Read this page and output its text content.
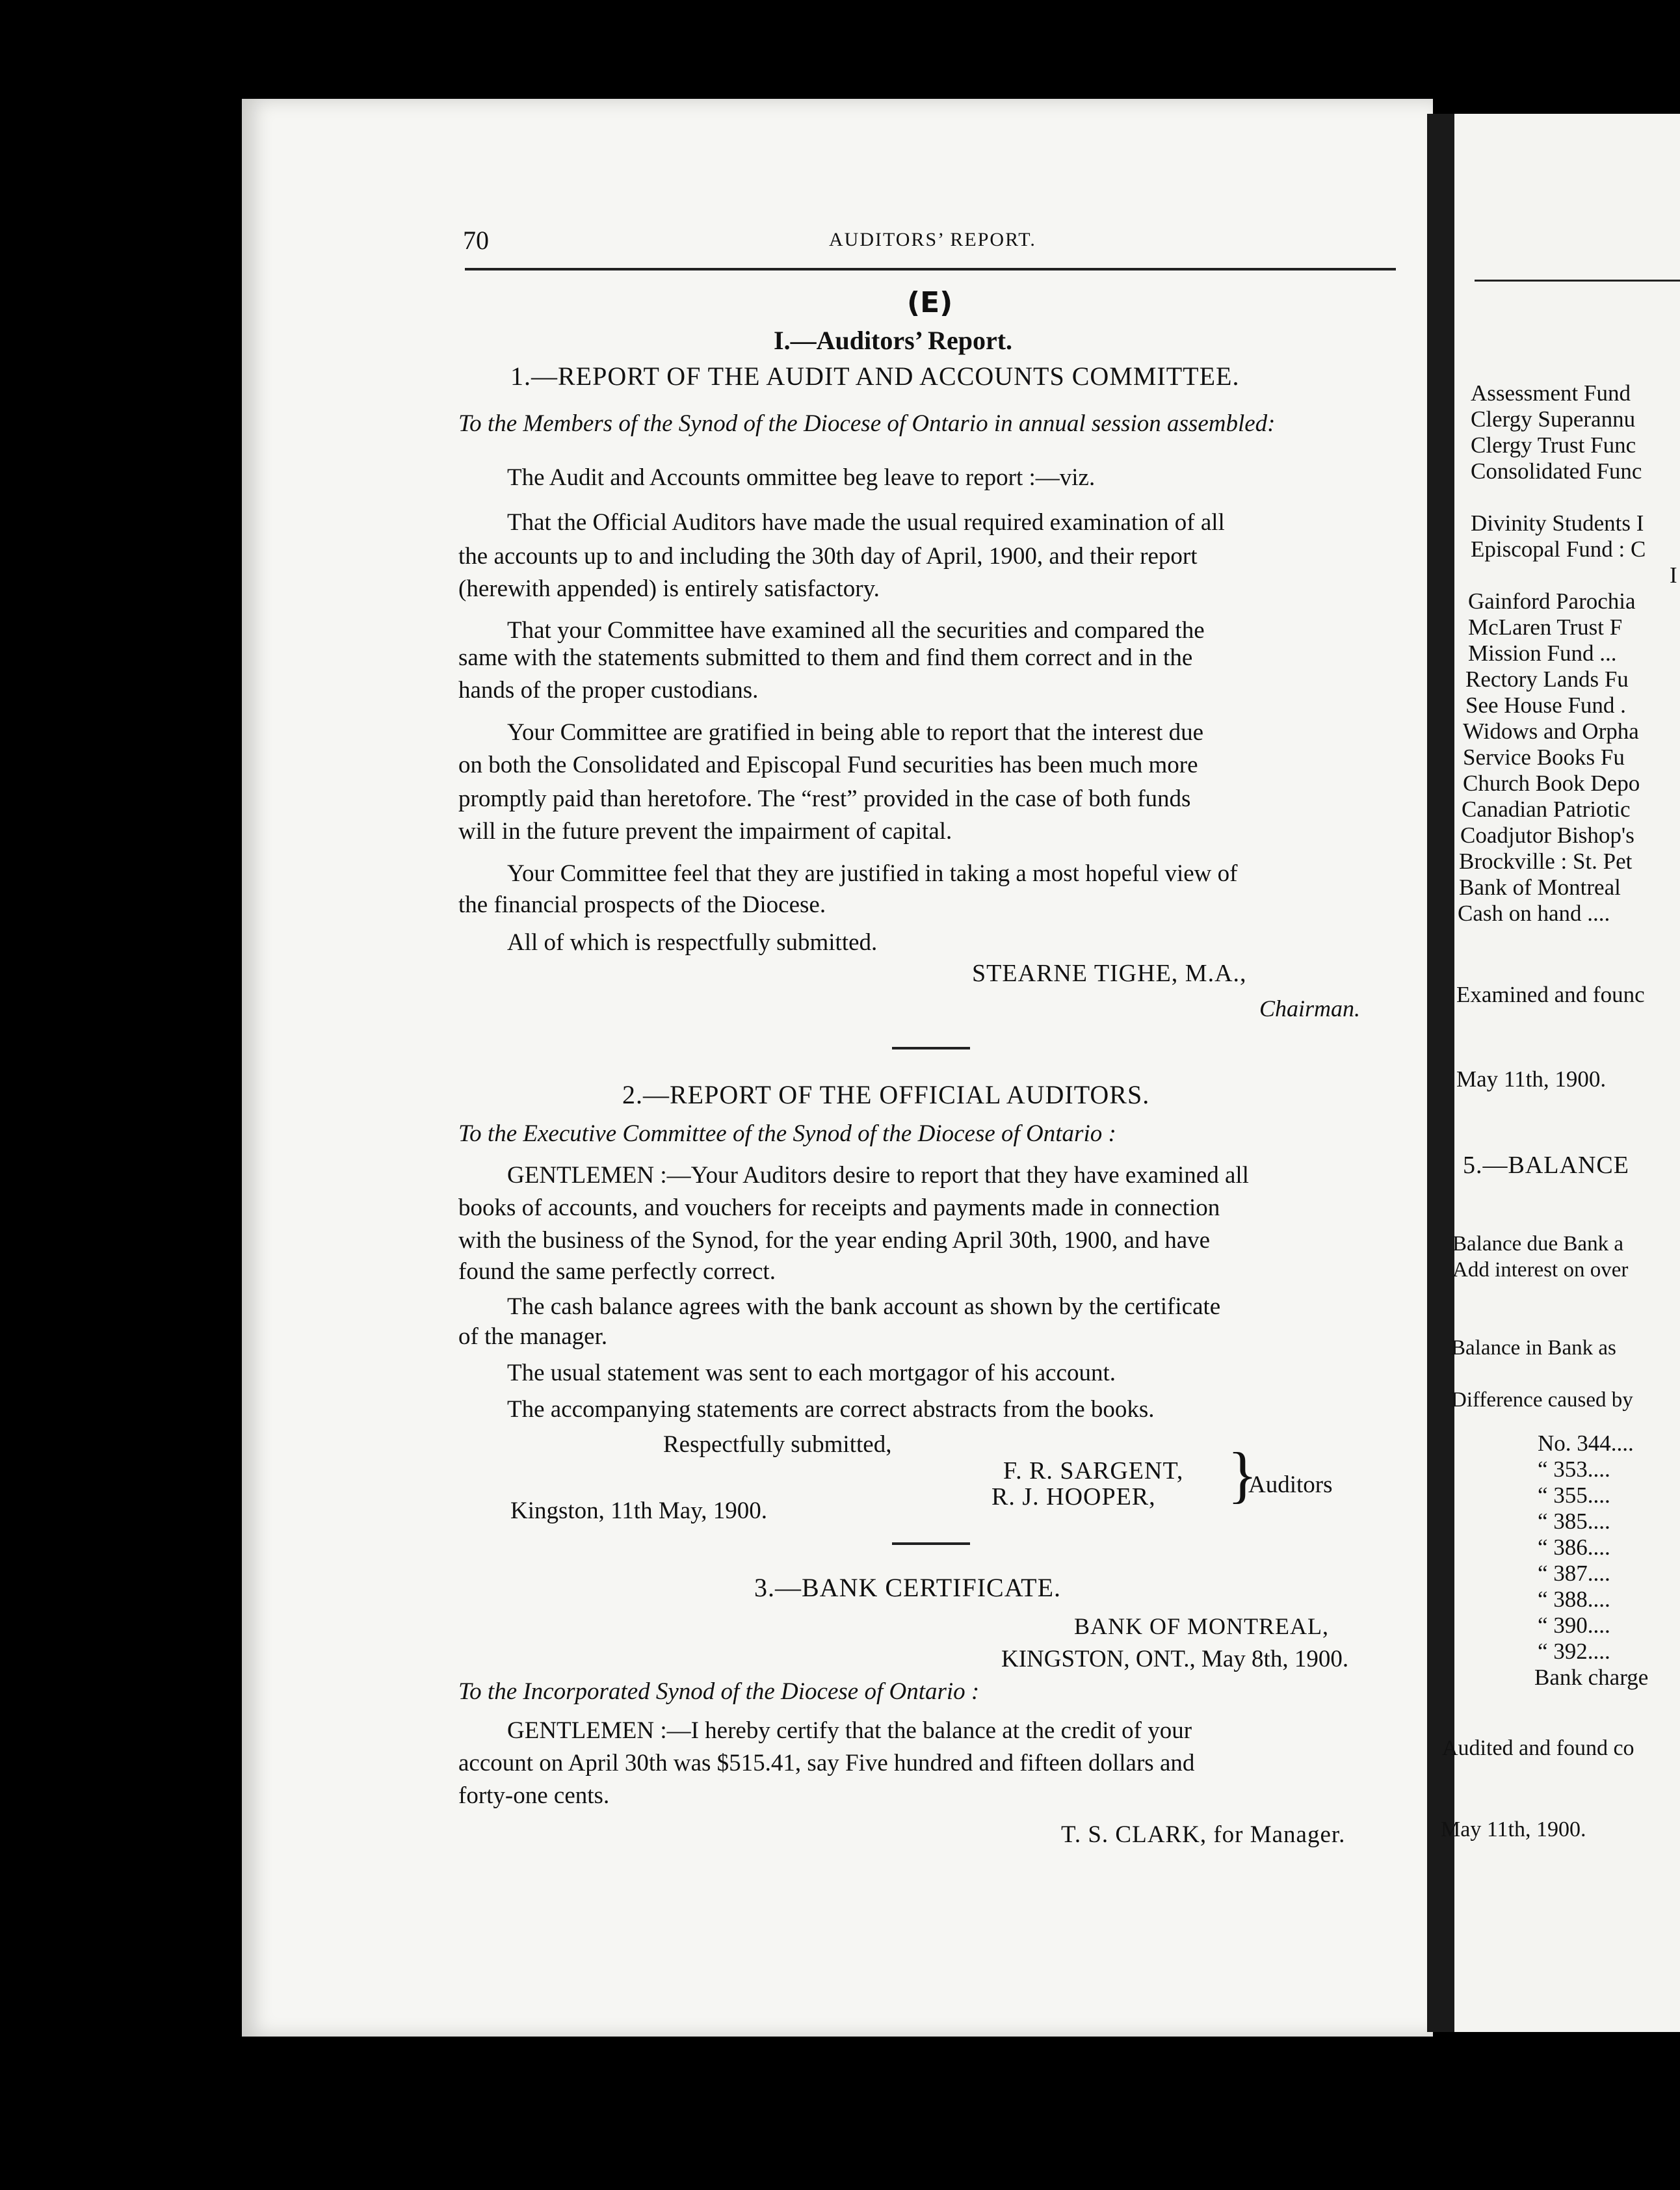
70	AUDITORS’ REPORT.
(E)
I.—Auditors’ Report.
1.—REPORT OF THE AUDIT AND ACCOUNTS COMMITTEE.
To the Members of the Synod of the Diocese of Ontario in annual session assembled:
The Audit and Accounts ommittee beg leave to report :—viz.
That the Official Auditors have made the usual required examination of all
the accounts up to and including the 30th day of April, 1900, and their report
(herewith appended) is entirely satisfactory.
That your Committee have examined all the securities and compared the
same with the statements submitted to them and find them correct and in the
hands of the proper custodians.
Your Committee are gratified in being able to report that the interest due
on both the Consolidated and Episcopal Fund securities has been much more
promptly paid than heretofore. The “rest” provided in the case of both funds
will in the future prevent the impairment of capital.
Your Committee feel that they are justified in taking a most hopeful view of
the financial prospects of the Diocese.
All of which is respectfully submitted.
STEARNE TIGHE, M.A.,
Chairman.
2.—REPORT OF THE OFFICIAL AUDITORS.
To the Executive Committee of the Synod of the Diocese of Ontario :
GENTLEMEN :—Your Auditors desire to report that they have examined all
books of accounts, and vouchers for receipts and payments made in connection
with the business of the Synod, for the year ending April 30th, 1900, and have
found the same perfectly correct.
The cash balance agrees with the bank account as shown by the certificate
of the manager.
The usual statement was sent to each mortgagor of his account.
The accompanying statements are correct abstracts from the books.
Respectfully submitted,
F. R. SARGENT,
R. J. HOOPER, }
Auditors
Kingston, 11th May, 1900.
3.—BANK CERTIFICATE.
BANK OF MONTREAL,
KINGSTON, ONT., May 8th, 1900.
To the Incorporated Synod of the Diocese of Ontario :
GENTLEMEN :—I hereby certify that the balance at the credit of your
account on April 30th was $515.41, say Five hundred and fifteen dollars and
forty-one cents.
T. S. CLARK, for Manager.
Assessment Fund
Clergy Superannu
Clergy Trust Func
Consolidated Func
Divinity Students I
Episcopal Fund : C
I
Gainford Parochia
McLaren Trust F
Mission Fund ...
Rectory Lands Fu
See House Fund .
Widows and Orpha
Service Books Fu
Church Book Depo
Canadian Patriotic
Coadjutor Bishop's
Brockville : St. Pet
Bank of Montreal
Cash on hand ....
Examined and founc
May 11th, 1900.
5.—BALANCE
Balance due Bank a
Add interest on over
Balance in Bank as
Difference caused by
No. 344....
“ 353....
“ 355....
“ 385....
“ 386....
“ 387....
“ 388....
“ 390....
“ 392....
Bank charge
Audited and found co
May 11th, 1900.
